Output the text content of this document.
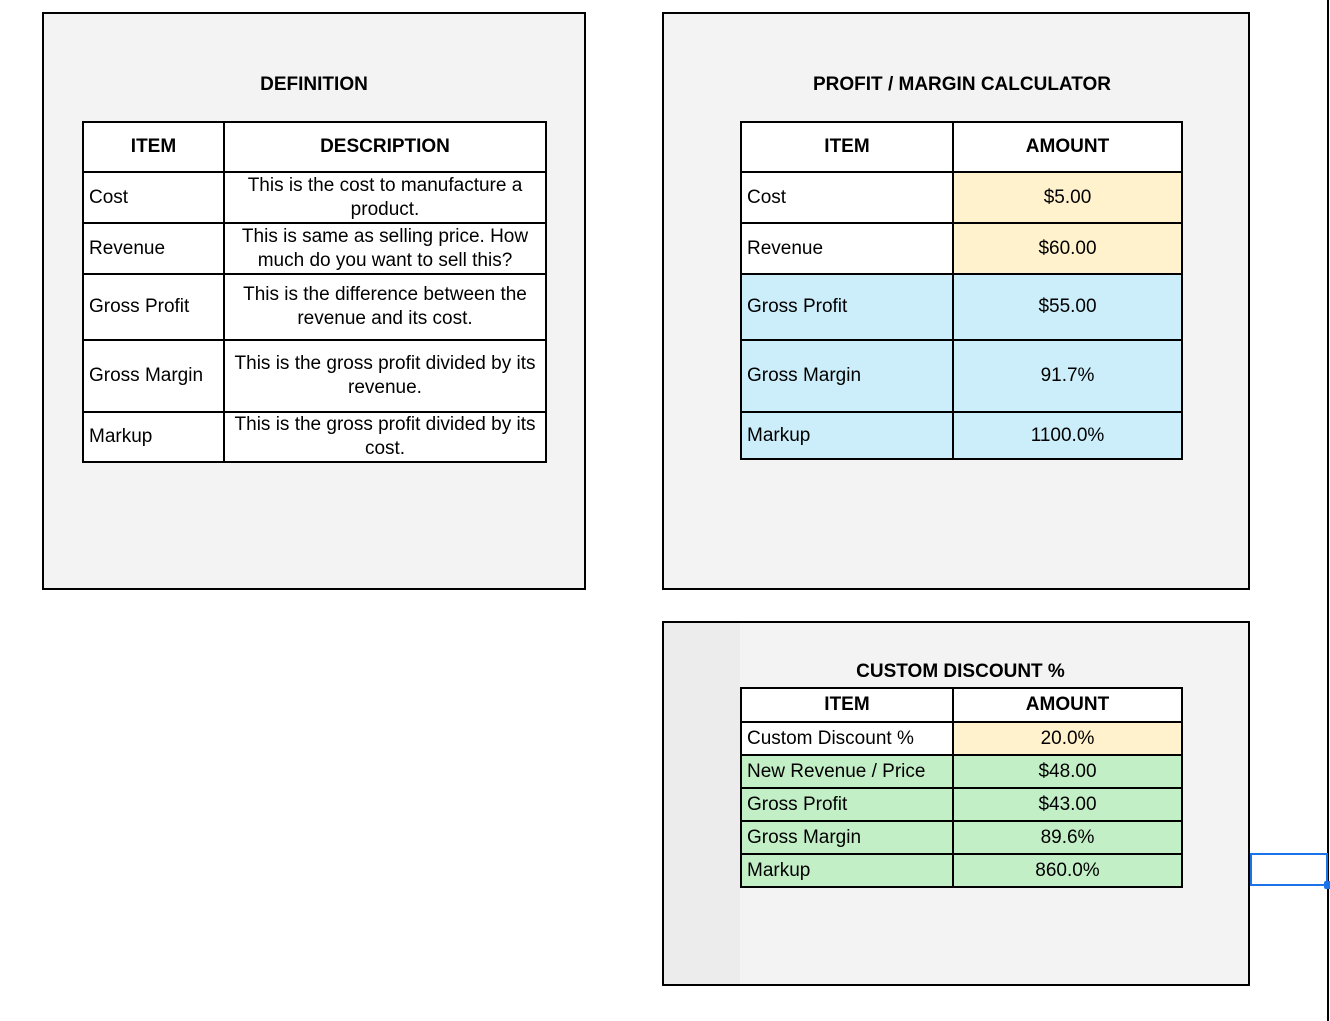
DEFINITION
ITEM	DESCRIPTION
Cost	This is the cost to manufacture a product.
Revenue	This is same as selling price. How much do you want to sell this?
Gross Profit	This is the difference between the revenue and its cost.
Gross Margin	This is the gross profit divided by its revenue.
Markup	This is the gross profit divided by its cost.
PROFIT / MARGIN CALCULATOR
ITEM	AMOUNT
Cost	$5.00
Revenue	$60.00
Gross Profit	$55.00
Gross Margin	91.7%
Markup	1100.0%
CUSTOM DISCOUNT %
ITEM	AMOUNT
Custom Discount %	20.0%
New Revenue / Price	$48.00
Gross Profit	$43.00
Gross Margin	89.6%
Markup	860.0%
